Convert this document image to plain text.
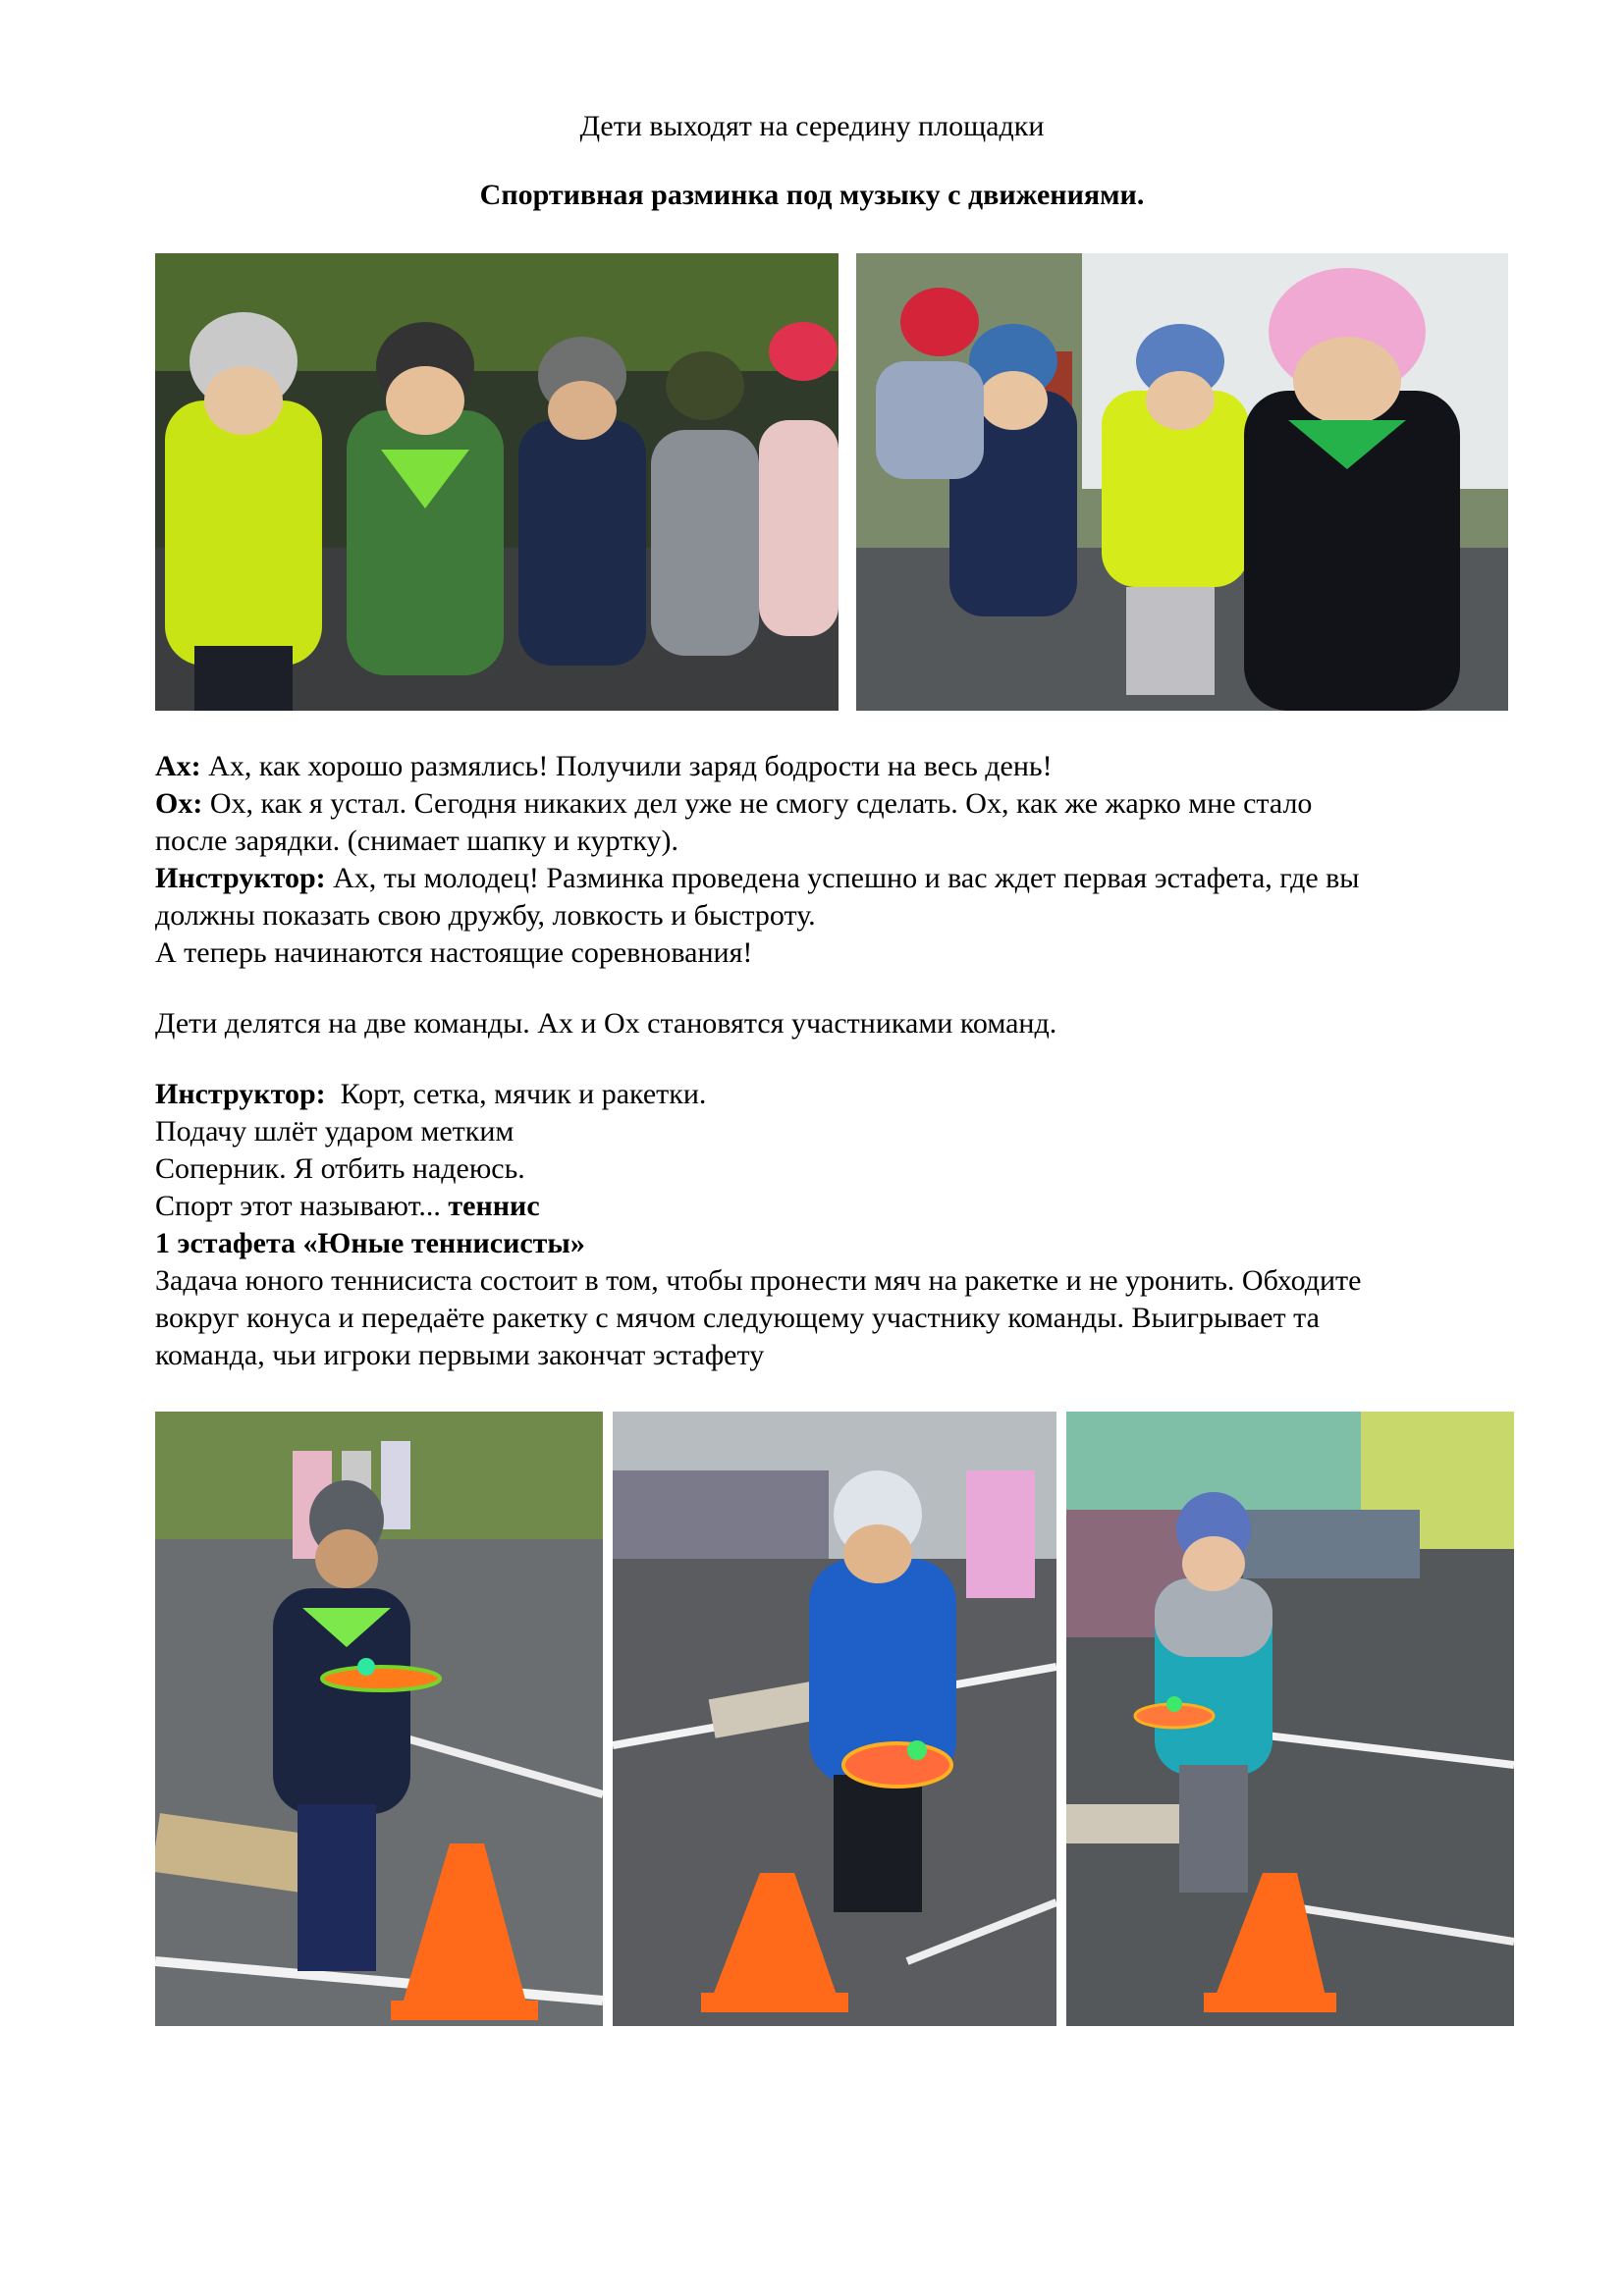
Дети выходят на середину площадки
Спортивная разминка под музыку с движениями.
Ах: Ах, как хорошо размялись! Получили заряд бодрости на весь день!
Ох: Ох, как я устал. Сегодня никаких дел уже не смогу сделать. Ох, как же жарко мне стало
после зарядки. (снимает шапку и куртку).
Инструктор: Ах, ты молодец! Разминка проведена успешно и вас ждет первая эстафета, где вы
должны показать свою дружбу, ловкость и быстроту.
А теперь начинаются настоящие соревнования!
Дети делятся на две команды. Ах и Ох становятся участниками команд.
Инструктор:  Корт, сетка, мячик и ракетки.
Подачу шлёт ударом метким
Соперник. Я отбить надеюсь.
Спорт этот называют... теннис
1 эстафета «Юные теннисисты»
Задача юного теннисиста состоит в том, чтобы пронести мяч на ракетке и не уронить. Обходите
вокруг конуса и передаёте ракетку с мячом следующему участнику команды. Выигрывает та
команда, чьи игроки первыми закончат эстафету
